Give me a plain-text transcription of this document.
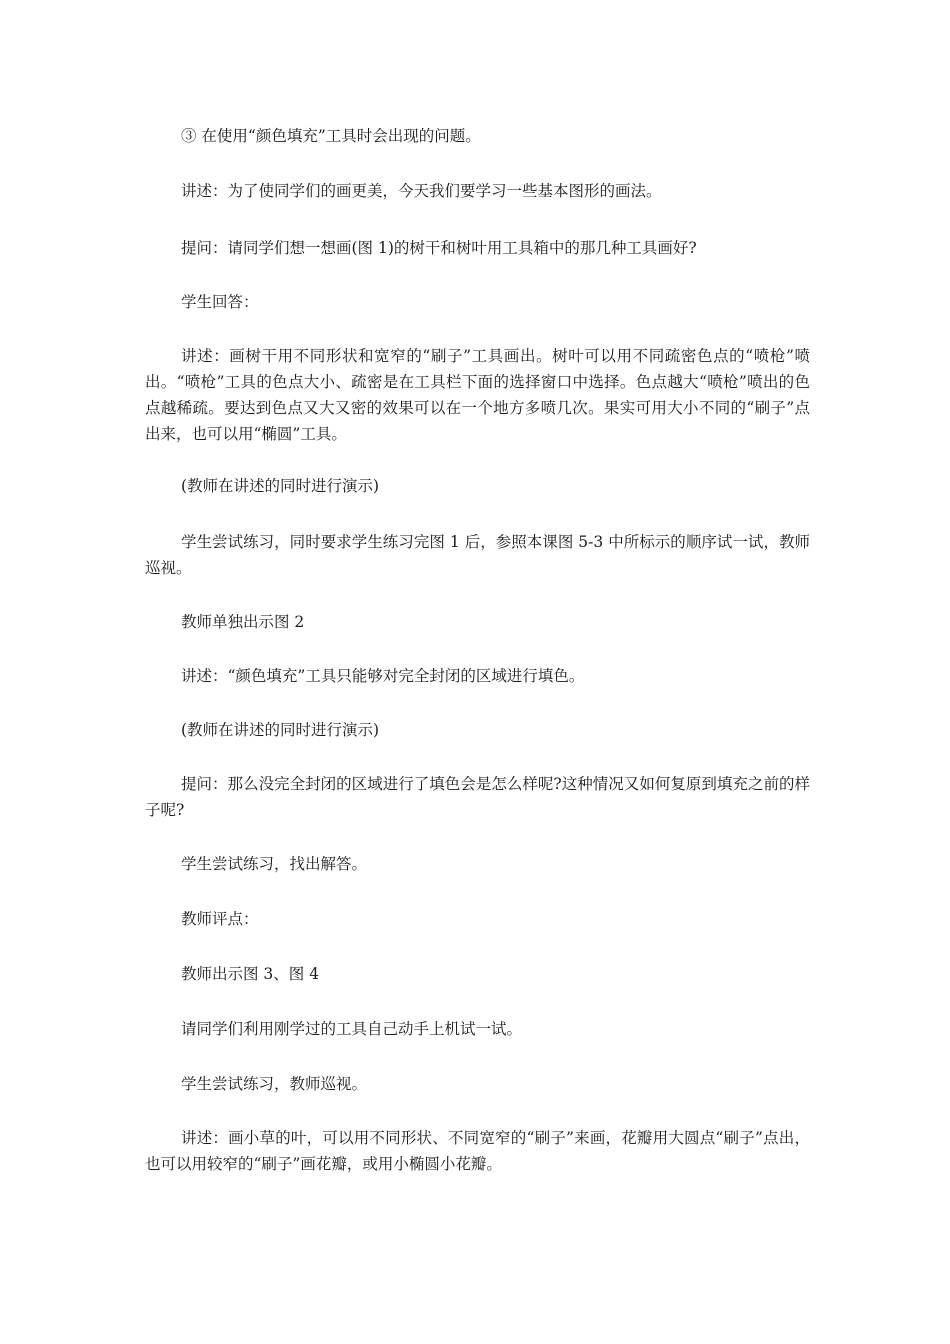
③ 在使用“颜色填充”工具时会出现的问题。

讲述：为了使同学们的画更美，今天我们要学习一些基本图形的画法。

提问：请同学们想一想画(图 1)的树干和树叶用工具箱中的那几种工具画好?

学生回答：

讲述：画树干用不同形状和宽窄的“刷子”工具画出。树叶可以用不同疏密色点的“喷枪”喷出。“喷枪”工具的色点大小、疏密是在工具栏下面的选择窗口中选择。色点越大“喷枪”喷出的色点越稀疏。要达到色点又大又密的效果可以在一个地方多喷几次。果实可用大小不同的“刷子”点出来，也可以用“椭圆”工具。

(教师在讲述的同时进行演示)

学生尝试练习，同时要求学生练习完图 1 后，参照本课图 5-3 中所标示的顺序试一试，教师巡视。

教师单独出示图 2

讲述：“颜色填充”工具只能够对完全封闭的区域进行填色。

(教师在讲述的同时进行演示)

提问：那么没完全封闭的区域进行了填色会是怎么样呢?这种情况又如何复原到填充之前的样子呢?

学生尝试练习，找出解答。

教师评点：

教师出示图 3、图 4

请同学们利用刚学过的工具自己动手上机试一试。

学生尝试练习，教师巡视。

讲述：画小草的叶，可以用不同形状、不同宽窄的“刷子”来画，花瓣用大圆点“刷子”点出，也可以用较窄的“刷子”画花瓣，或用小椭圆小花瓣。
